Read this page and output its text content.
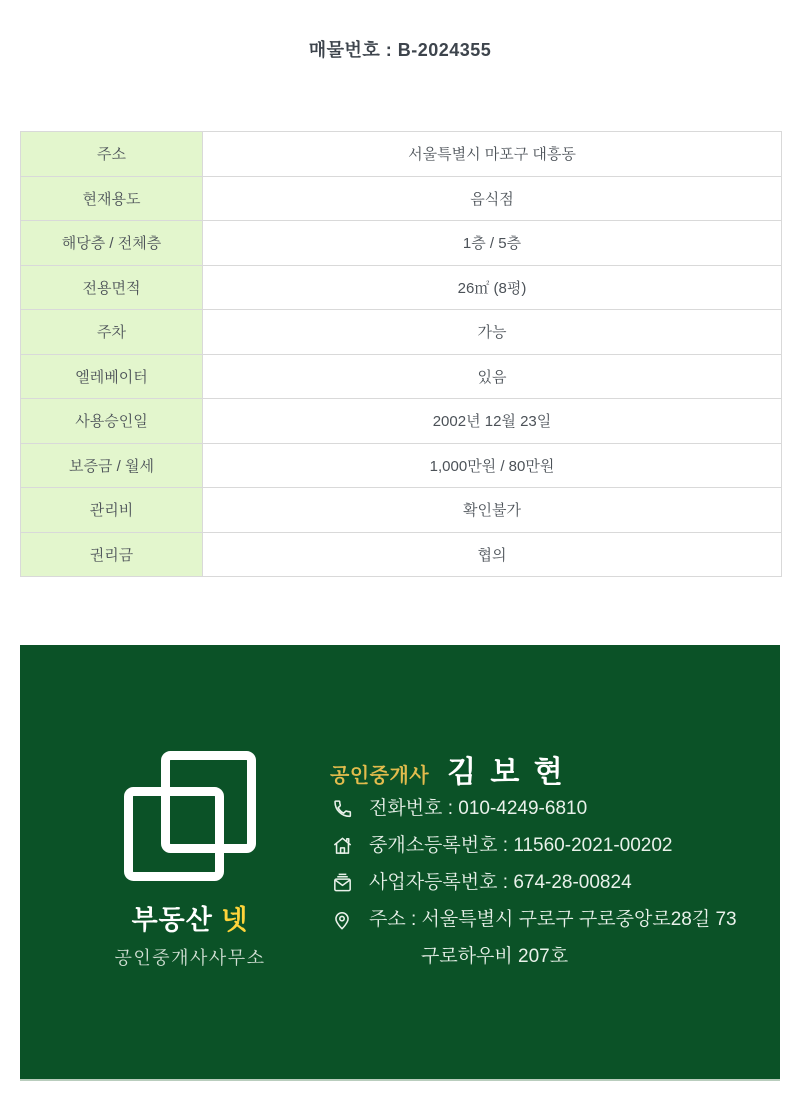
매물번호 : B-2024355
주소	서울특별시 마포구 대흥동
현재용도	음식점
해당층 / 전체층	1층 / 5층
전용면적	26㎡ (8평)
주차	가능
엘레베이터	있음
사용승인일	2002년 12월 23일
보증금 / 월세	1,000만원 / 80만원
관리비	확인불가
권리금	협의
부동산 넷
공인중개사사무소
공인중개사 김 보 현
전화번호 : 010-4249-6810
중개소등록번호 : 11560-2021-00202
사업자등록번호 : 674-28-00824
주소 : 서울특별시 구로구 구로중앙로28길 73
구로하우비 207호
